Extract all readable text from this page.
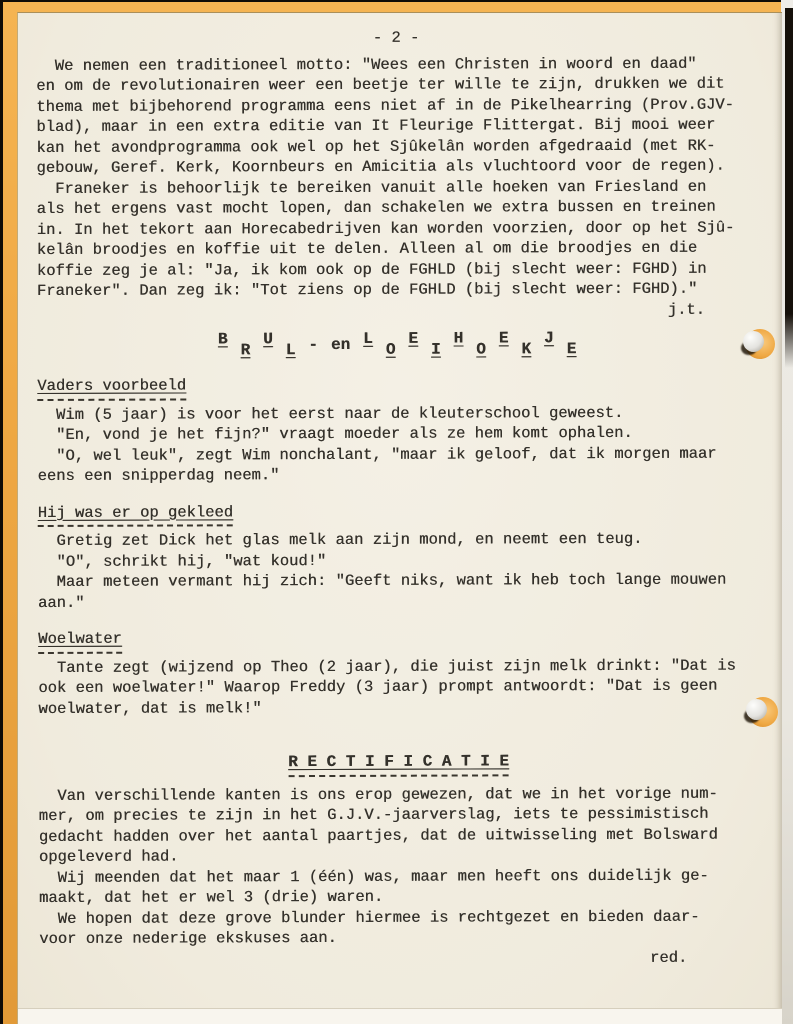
- 2 -
We nemen een traditioneel motto: "Wees een Christen in woord en daad"
en om de revolutionairen weer een beetje ter wille te zijn, drukken we dit
thema met bijbehorend programma eens niet af in de Pikelhearring (Prov.GJV-
blad), maar in een extra editie van It Fleurige Flittergat. Bij mooi weer
kan het avondprogramma ook wel op het Sjûkelân worden afgedraaid (met RK-
gebouw, Geref. Kerk, Koornbeurs en Amicitia als vluchtoord voor de regen).
Franeker is behoorlijk te bereiken vanuit alle hoeken van Friesland en
als het ergens vast mocht lopen, dan schakelen we extra bussen en treinen
in. In het tekort aan Horecabedrijven kan worden voorzien, door op het Sjû-
kelân broodjes en koffie uit te delen. Alleen al om die broodjes en die
koffie zeg je al: "Ja, ik kom ook op de FGHLD (bij slecht weer: FGHD) in
Franeker". Dan zeg ik: "Tot ziens op de FGHLD (bij slecht weer: FGHD)."
j.t.
B
R
U
L - en L
O
E
I
H
O
E
K
J
E
Vaders voorbeeld
Wim (5 jaar) is voor het eerst naar de kleuterschool geweest.
"En, vond je het fijn?" vraagt moeder als ze hem komt ophalen.
"O, wel leuk", zegt Wim nonchalant, "maar ik geloof, dat ik morgen maar
eens een snipperdag neem."
Hij was er op gekleed
Gretig zet Dick het glas melk aan zijn mond, en neemt een teug.
"O", schrikt hij, "wat koud!"
Maar meteen vermant hij zich: "Geeft niks, want ik heb toch lange mouwen
aan."
Woelwater
Tante zegt (wijzend op Theo (2 jaar), die juist zijn melk drinkt: "Dat is
ook een woelwater!" Waarop Freddy (3 jaar) prompt antwoordt: "Dat is geen
woelwater, dat is melk!"
R E C T I F I C A T I E
Van verschillende kanten is ons erop gewezen, dat we in het vorige num-
mer, om precies te zijn in het G.J.V.-jaarverslag, iets te pessimistisch
gedacht hadden over het aantal paartjes, dat de uitwisseling met Bolsward
opgeleverd had.
Wij meenden dat het maar 1 (één) was, maar men heeft ons duidelijk ge-
maakt, dat het er wel 3 (drie) waren.
We hopen dat deze grove blunder hiermee is rechtgezet en bieden daar-
voor onze nederige ekskuses aan.
red.
